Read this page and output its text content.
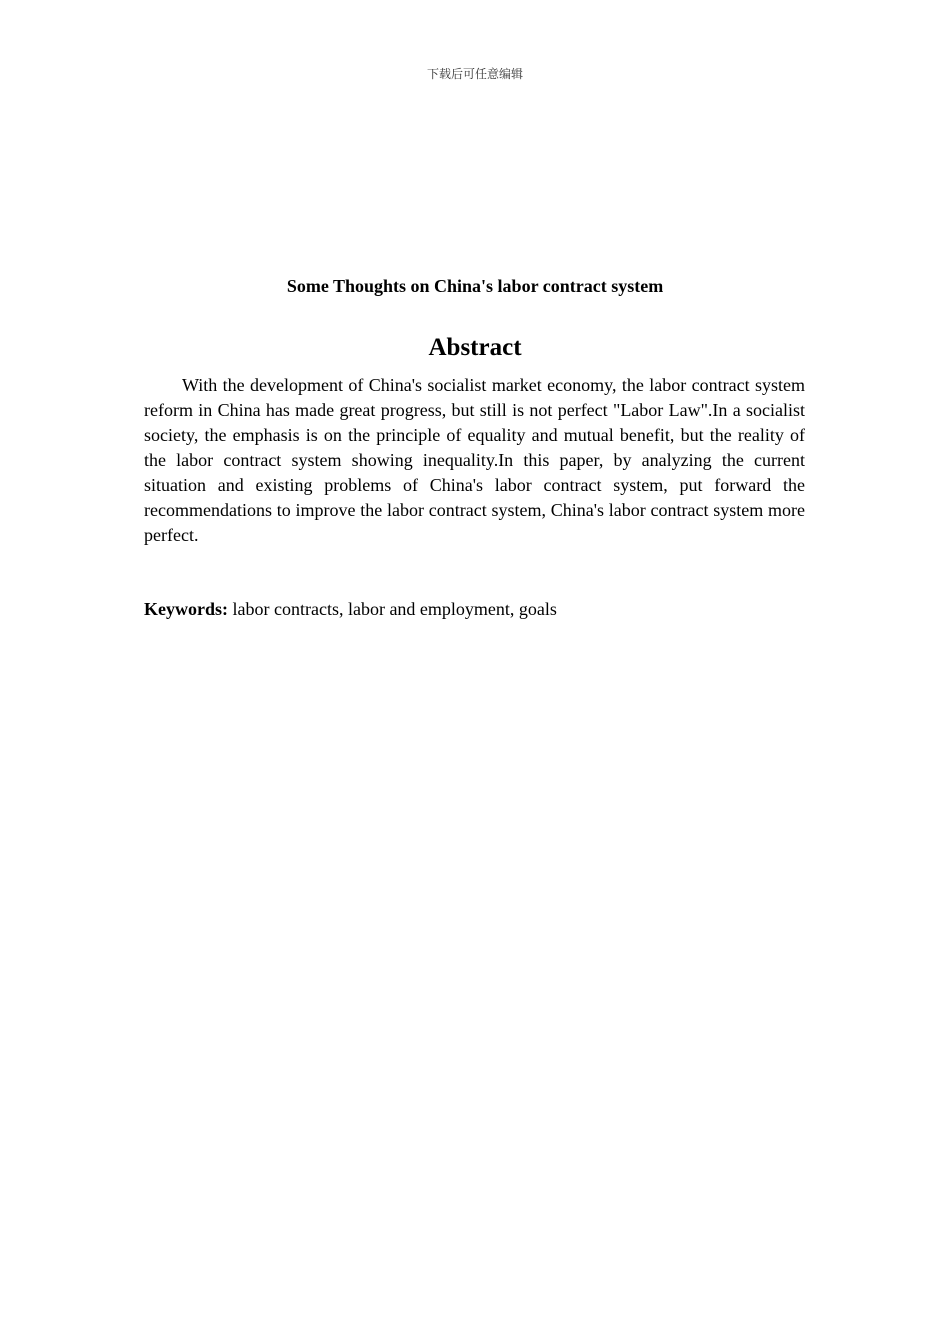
下载后可任意编辑
Some Thoughts on China's labor contract system
Abstract

With the development of China's socialist market economy, the labor contract system reform in China has made great progress, but still is not perfect "Labor Law".In a socialist society, the emphasis is on the principle of equality and mutual benefit, but the reality of the labor contract system showing inequality.In this paper, by analyzing the current situation and existing problems of China's labor contract system, put forward the recommendations to improve the labor contract system, China's labor contract system more perfect.

Keywords: labor contracts, labor and employment, goals
